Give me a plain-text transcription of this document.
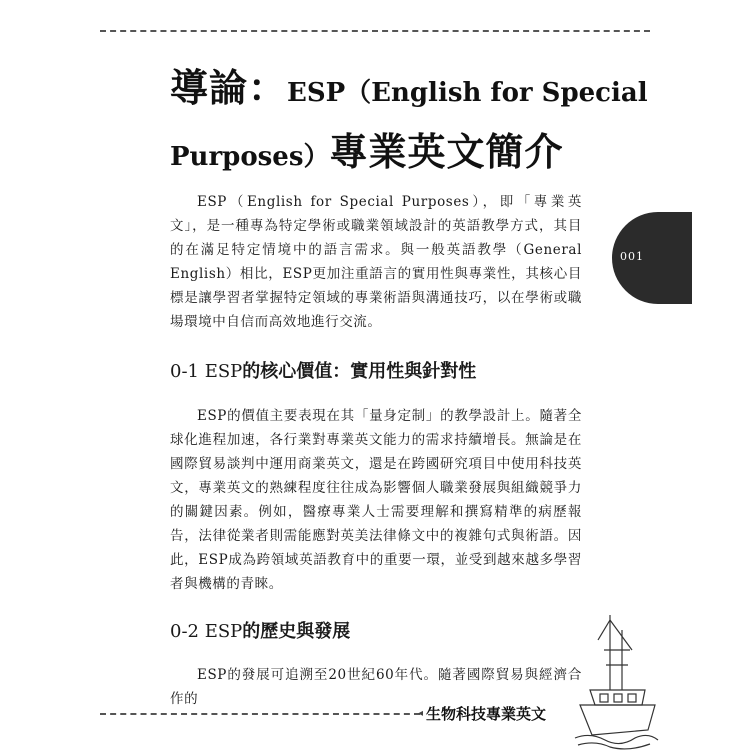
導論：ESP（English for Special
Purposes）專業英文簡介
001

ESP（English for Special Purposes），即「專業英文」，是一種專為特定學術或職業領域設計的英語教學方式，其目的在滿足特定情境中的語言需求。與一般英語教學（General English）相比，ESP更加注重語言的實用性與專業性，其核心目標是讓學習者掌握特定領域的專業術語與溝通技巧，以在學術或職場環境中自信而高效地進行交流。

0-1 ESP的核心價值：實用性與針對性

ESP的價值主要表現在其「量身定制」的教學設計上。隨著全球化進程加速，各行業對專業英文能力的需求持續增長。無論是在國際貿易談判中運用商業英文，還是在跨國研究項目中使用科技英文，專業英文的熟練程度往往成為影響個人職業發展與組織競爭力的關鍵因素。例如，醫療專業人士需要理解和撰寫精準的病歷報告，法律從業者則需能應對英美法律條文中的複雜句式與術語。因此，ESP成為跨領域英語教育中的重要一環，並受到越來越多學習者與機構的青睞。

0-2 ESP的歷史與發展

ESP的發展可追溯至20世紀60年代。隨著國際貿易與經濟合作的

◂ 生物科技專業英文
